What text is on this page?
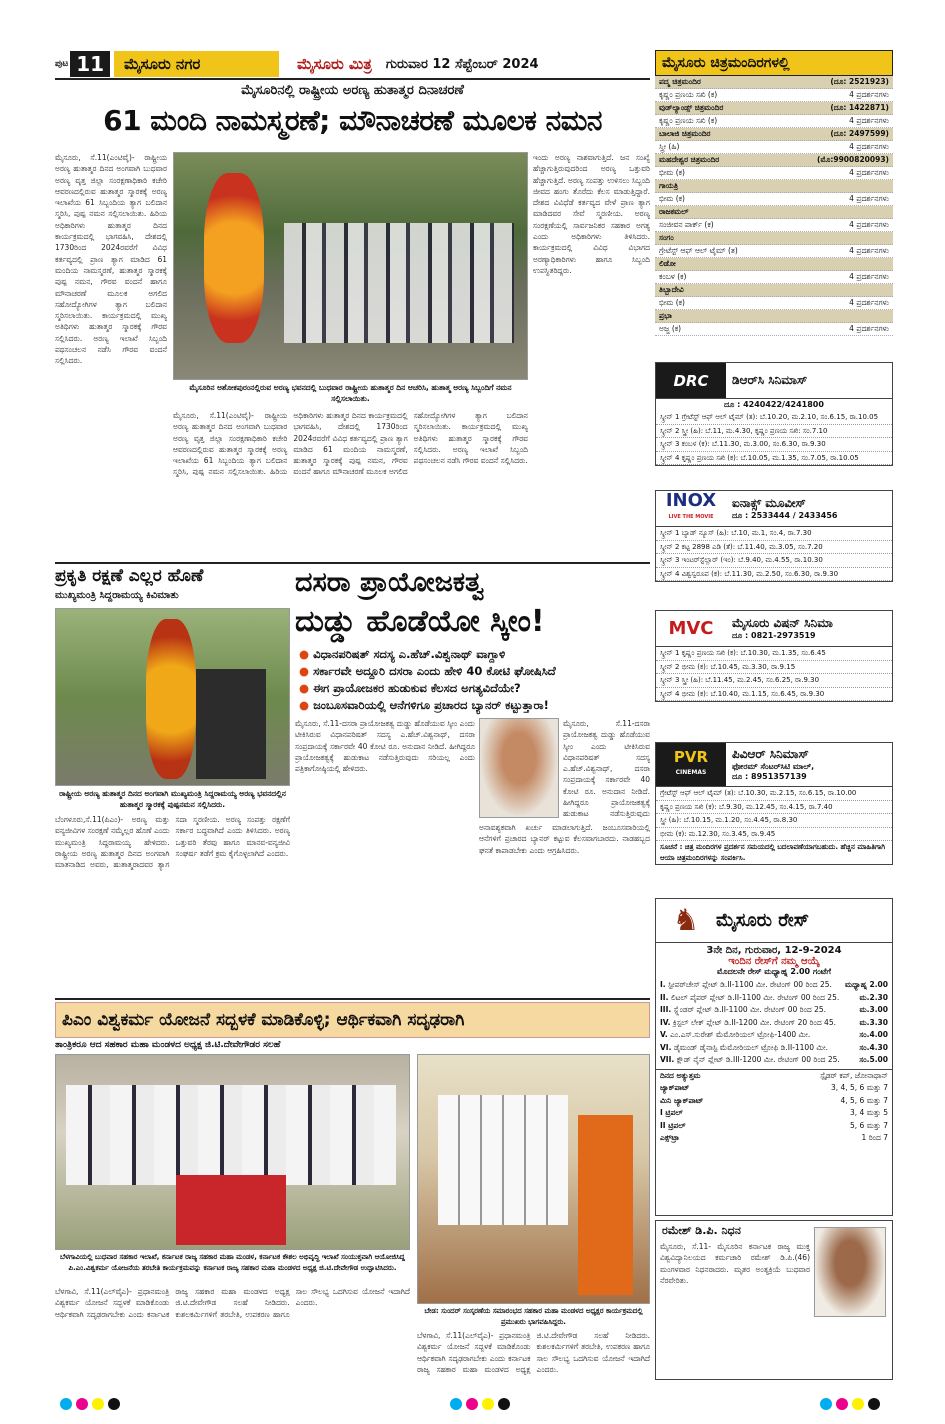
ಪುಟ 11	ಮೈಸೂರು ನಗರ	ಮೈಸೂರು ಮಿತ್ರ ಗುರುವಾರ 12 ಸೆಪ್ಟೆಂಬರ್ 2024
ಮೈಸೂರಿನಲ್ಲಿ ರಾಷ್ಟ್ರೀಯ ಅರಣ್ಯ ಹುತಾತ್ಮರ ದಿನಾಚರಣೆ
61 ಮಂದಿ ನಾಮಸ್ಮರಣೆ; ಮೌನಾಚರಣೆ ಮೂಲಕ ನಮನ
ಮೈಸೂರು, ಸೆ.11(ಎಂಟಿವೈ)- ರಾಷ್ಟ್ರೀಯ ಅರಣ್ಯ ಹುತಾತ್ಮರ ದಿನದ ಅಂಗವಾಗಿ ಬುಧವಾರ ಅರಣ್ಯ ವೃತ್ತ ಜಿಲ್ಲಾ ಸಂರಕ್ಷಣಾಧಿಕಾರಿ ಕಚೇರಿ ಆವರಣದಲ್ಲಿರುವ ಹುತಾತ್ಮರ ಸ್ಮಾರಕಕ್ಕೆ ಅರಣ್ಯ ಇಲಾಖೆಯ 61 ಸಿಬ್ಬಂದಿಯ ತ್ಯಾಗ ಬಲಿದಾನ ಸ್ಮರಿಸಿ, ಪುಷ್ಪ ನಮನ ಸಲ್ಲಿಸಲಾಯಿತು. ಹಿರಿಯ ಅಧಿಕಾರಿಗಳು ಹುತಾತ್ಮರ ದಿನದ ಕಾರ್ಯಕ್ರಮದಲ್ಲಿ ಭಾಗವಹಿಸಿ, ದೇಶದಲ್ಲಿ 1730ರಿಂದ 2024ರವರೆಗೆ ವಿವಿಧ ಕರ್ತವ್ಯದಲ್ಲಿ ಪ್ರಾಣ ತ್ಯಾಗ ಮಾಡಿದ 61 ಮಂದಿಯ ನಾಮಸ್ಮರಣೆ, ಹುತಾತ್ಮರ ಸ್ಮಾರಕಕ್ಕೆ ಪುಷ್ಪ ನಮನ, ಗೌರವ ವಂದನೆ ಹಾಗೂ ಮೌನಾಚರಣೆ ಮೂಲಕ ಅಗಲಿದ ಸಹೋದ್ಯೋಗಿಗಳ ತ್ಯಾಗ ಬಲಿದಾನ ಸ್ಮರಿಸಲಾಯಿತು. ಕಾರ್ಯಕ್ರಮದಲ್ಲಿ ಮುಖ್ಯ ಅತಿಥಿಗಳು ಹುತಾತ್ಮರ ಸ್ಮಾರಕಕ್ಕೆ ಗೌರವ ಸಲ್ಲಿಸಿದರು. ಅರಣ್ಯ ಇಲಾಖೆ ಸಿಬ್ಬಂದಿ ಪಥಸಂಚಲನ ನಡೆಸಿ ಗೌರವ ವಂದನೆ ಸಲ್ಲಿಸಿದರು.
ಮೈಸೂರಿನ ಅಶೋಕಪುರಂನಲ್ಲಿರುವ ಅರಣ್ಯ ಭವನದಲ್ಲಿ ಬುಧವಾರ ರಾಷ್ಟ್ರೀಯ ಹುತಾತ್ಮರ ದಿನ ಆಚರಿಸಿ, ಹುತಾತ್ಮ ಅರಣ್ಯ ಸಿಬ್ಬಂದಿಗೆ ನಮನ ಸಲ್ಲಿಸಲಾಯಿತು.
ಇಂದು ಅರಣ್ಯ ನಾಶವಾಗುತ್ತಿದೆ. ಜನ ಸಂಖ್ಯೆ ಹೆಚ್ಚಾಗುತ್ತಿರುವುದರಿಂದ ಅರಣ್ಯ ಒತ್ತುವರಿ ಹೆಚ್ಚಾಗುತ್ತಿದೆ. ಅರಣ್ಯ ಸಂಪತ್ತು ಉಳಿಸಲು ಸಿಬ್ಬಂದಿ ಜೀವದ ಹಂಗು ತೊರೆದು ಕೆಲಸ ಮಾಡುತ್ತಿದ್ದಾರೆ. ದೇಶದ ವಿವಿಧೆಡೆ ಕರ್ತವ್ಯದ ವೇಳೆ ಪ್ರಾಣ ತ್ಯಾಗ ಮಾಡಿದವರ ಸೇವೆ ಸ್ಮರಣೀಯ. ಅರಣ್ಯ ಸಂರಕ್ಷಣೆಯಲ್ಲಿ ಸಾರ್ವಜನಿಕರ ಸಹಕಾರ ಅಗತ್ಯ ಎಂದು ಅಧಿಕಾರಿಗಳು ತಿಳಿಸಿದರು. ಕಾರ್ಯಕ್ರಮದಲ್ಲಿ ವಿವಿಧ ವಿಭಾಗದ ಅರಣ್ಯಾಧಿಕಾರಿಗಳು ಹಾಗೂ ಸಿಬ್ಬಂದಿ ಉಪಸ್ಥಿತರಿದ್ದರು.
ಮೈಸೂರು, ಸೆ.11(ಎಂಟಿವೈ)- ರಾಷ್ಟ್ರೀಯ ಅರಣ್ಯ ಹುತಾತ್ಮರ ದಿನದ ಅಂಗವಾಗಿ ಬುಧವಾರ ಅರಣ್ಯ ವೃತ್ತ ಜಿಲ್ಲಾ ಸಂರಕ್ಷಣಾಧಿಕಾರಿ ಕಚೇರಿ ಆವರಣದಲ್ಲಿರುವ ಹುತಾತ್ಮರ ಸ್ಮಾರಕಕ್ಕೆ ಅರಣ್ಯ ಇಲಾಖೆಯ 61 ಸಿಬ್ಬಂದಿಯ ತ್ಯಾಗ ಬಲಿದಾನ ಸ್ಮರಿಸಿ, ಪುಷ್ಪ ನಮನ ಸಲ್ಲಿಸಲಾಯಿತು. ಹಿರಿಯ ಅಧಿಕಾರಿಗಳು ಹುತಾತ್ಮರ ದಿನದ ಕಾರ್ಯಕ್ರಮದಲ್ಲಿ ಭಾಗವಹಿಸಿ, ದೇಶದಲ್ಲಿ 1730ರಿಂದ 2024ರವರೆಗೆ ವಿವಿಧ ಕರ್ತವ್ಯದಲ್ಲಿ ಪ್ರಾಣ ತ್ಯಾಗ ಮಾಡಿದ 61 ಮಂದಿಯ ನಾಮಸ್ಮರಣೆ, ಹುತಾತ್ಮರ ಸ್ಮಾರಕಕ್ಕೆ ಪುಷ್ಪ ನಮನ, ಗೌರವ ವಂದನೆ ಹಾಗೂ ಮೌನಾಚರಣೆ ಮೂಲಕ ಅಗಲಿದ ಸಹೋದ್ಯೋಗಿಗಳ ತ್ಯಾಗ ಬಲಿದಾನ ಸ್ಮರಿಸಲಾಯಿತು. ಕಾರ್ಯಕ್ರಮದಲ್ಲಿ ಮುಖ್ಯ ಅತಿಥಿಗಳು ಹುತಾತ್ಮರ ಸ್ಮಾರಕಕ್ಕೆ ಗೌರವ ಸಲ್ಲಿಸಿದರು. ಅರಣ್ಯ ಇಲಾಖೆ ಸಿಬ್ಬಂದಿ ಪಥಸಂಚಲನ ನಡೆಸಿ ಗೌರವ ವಂದನೆ ಸಲ್ಲಿಸಿದರು.
ಪ್ರಕೃತಿ ರಕ್ಷಣೆ ಎಲ್ಲರ ಹೊಣೆ
ಮುಖ್ಯಮಂತ್ರಿ ಸಿದ್ದರಾಮಯ್ಯ ಕಿವಿಮಾತು
ರಾಷ್ಟ್ರೀಯ ಅರಣ್ಯ ಹುತಾತ್ಮರ ದಿನದ ಅಂಗವಾಗಿ ಮುಖ್ಯಮಂತ್ರಿ ಸಿದ್ದರಾಮಯ್ಯ ಅರಣ್ಯ ಭವನದಲ್ಲಿನ ಹುತಾತ್ಮರ ಸ್ಮಾರಕಕ್ಕೆ ಪುಷ್ಪನಮನ ಸಲ್ಲಿಸಿದರು.
ಬೆಂಗಳೂರು,ಸೆ.11(ಪಿಎಂ)- ಅರಣ್ಯ ಮತ್ತು ವನ್ಯಜೀವಿಗಳ ಸಂರಕ್ಷಣೆ ನಮ್ಮೆಲ್ಲರ ಹೊಣೆ ಎಂದು ಮುಖ್ಯಮಂತ್ರಿ ಸಿದ್ದರಾಮಯ್ಯ ಹೇಳಿದರು. ರಾಷ್ಟ್ರೀಯ ಅರಣ್ಯ ಹುತಾತ್ಮರ ದಿನದ ಅಂಗವಾಗಿ ಮಾತನಾಡಿದ ಅವರು, ಹುತಾತ್ಮರಾದವರ ತ್ಯಾಗ ಸದಾ ಸ್ಮರಣೀಯ. ಅರಣ್ಯ ಸಂಪತ್ತು ರಕ್ಷಣೆಗೆ ಸರ್ಕಾರ ಬದ್ಧವಾಗಿದೆ ಎಂದು ತಿಳಿಸಿದರು. ಅರಣ್ಯ ಒತ್ತುವರಿ ತೆರವು ಹಾಗೂ ಮಾನವ-ವನ್ಯಜೀವಿ ಸಂಘರ್ಷ ತಡೆಗೆ ಕ್ರಮ ಕೈಗೊಳ್ಳಲಾಗಿದೆ ಎಂದರು.
ದಸರಾ ಪ್ರಾಯೋಜಕತ್ವ
ದುಡ್ಡು ಹೊಡೆಯೋ ಸ್ಕೀಂ!
● ವಿಧಾನಪರಿಷತ್ ಸದಸ್ಯ ಎ.ಹೆಚ್.ವಿಶ್ವನಾಥ್ ವಾಗ್ದಾಳಿ
● ಸರ್ಕಾರವೇ ಅದ್ದೂರಿ ದಸರಾ ಎಂದು ಹೇಳಿ 40 ಕೋಟಿ ಘೋಷಿಸಿದೆ
● ಈಗ ಪ್ರಾಯೋಜಕರ ಹುಡುಕುವ ಕೆಲಸದ ಅಗತ್ಯವಿದೆಯೇ?
● ಜಂಬೂಸವಾರಿಯಲ್ಲಿ ಆನೆಗಳಿಗೂ ಪ್ರಚಾರದ ಬ್ಯಾನರ್ ಕಟ್ಟುತ್ತಾರಾ!
ಮೈಸೂರು, ಸೆ.11-ದಸರಾ ಪ್ರಾಯೋಜಕತ್ವ ದುಡ್ಡು ಹೊಡೆಯುವ ಸ್ಕೀಂ ಎಂದು ಟೀಕಿಸಿರುವ ವಿಧಾನಪರಿಷತ್ ಸದಸ್ಯ ಎ.ಹೆಚ್.ವಿಶ್ವನಾಥ್, ದಸರಾ ಸಂಪ್ರದಾಯಕ್ಕೆ ಸರ್ಕಾರವೇ 40 ಕೋಟಿ ರೂ. ಅನುದಾನ ನೀಡಿದೆ. ಹೀಗಿದ್ದರೂ ಪ್ರಾಯೋಜಕತ್ವಕ್ಕೆ ಹುಡುಕಾಟ ನಡೆಸುತ್ತಿರುವುದು ಸರಿಯಲ್ಲ ಎಂದು ಪತ್ರಿಕಾಗೋಷ್ಠಿಯಲ್ಲಿ ಹೇಳಿದರು.
ಅನಾವಶ್ಯಕವಾಗಿ ಖರ್ಚು ಮಾಡಲಾಗುತ್ತಿದೆ. ಜಂಬೂಸವಾರಿಯಲ್ಲಿ ಆನೆಗಳಿಗೆ ಪ್ರಚಾರದ ಬ್ಯಾನರ್ ಕಟ್ಟುವ ಕೆಲಸವಾಗಬಾರದು. ನಾಡಹಬ್ಬದ ಘನತೆ ಕಾಪಾಡಬೇಕು ಎಂದು ಆಗ್ರಹಿಸಿದರು.
ಮೈಸೂರು, ಸೆ.11-ದಸರಾ ಪ್ರಾಯೋಜಕತ್ವ ದುಡ್ಡು ಹೊಡೆಯುವ ಸ್ಕೀಂ ಎಂದು ಟೀಕಿಸಿರುವ ವಿಧಾನಪರಿಷತ್ ಸದಸ್ಯ ಎ.ಹೆಚ್.ವಿಶ್ವನಾಥ್, ದಸರಾ ಸಂಪ್ರದಾಯಕ್ಕೆ ಸರ್ಕಾರವೇ 40 ಕೋಟಿ ರೂ. ಅನುದಾನ ನೀಡಿದೆ. ಹೀಗಿದ್ದರೂ ಪ್ರಾಯೋಜಕತ್ವಕ್ಕೆ ಹುಡುಕಾಟ ನಡೆಸುತ್ತಿರುವುದು
ಪಿಎಂ ವಿಶ್ವಕರ್ಮ ಯೋಜನೆ ಸದ್ಬಳಕೆ ಮಾಡಿಕೊಳ್ಳಿ; ಆರ್ಥಿಕವಾಗಿ ಸದೃಢರಾಗಿ
ತಾಂತ್ರಿಕರೂ ಆದ ಸಹಕಾರ ಮಹಾ ಮಂಡಳದ ಅಧ್ಯಕ್ಷ ಜಿ.ಟಿ.ದೇವೇಗೌಡರ ಸಲಹೆ
ಬೆಳಗಾವಿಯಲ್ಲಿ ಬುಧವಾರ ಸಹಕಾರ ಇಲಾಖೆ, ಕರ್ನಾಟಕ ರಾಜ್ಯ ಸಹಕಾರ ಮಹಾ ಮಂಡಳ, ಕರ್ನಾಟಕ ಕೌಶಲ ಅಭಿವೃದ್ಧಿ ಇಲಾಖೆ ಸಂಯುಕ್ತವಾಗಿ ಆಯೋಜಿಸಿದ್ದ ಪಿ.ಎಂ.ವಿಶ್ವಕರ್ಮ ಯೋಜನೆಯ ತರಬೇತಿ ಕಾರ್ಯಕ್ರಮವನ್ನು ಕರ್ನಾಟಕ ರಾಜ್ಯ ಸಹಕಾರ ಮಹಾ ಮಂಡಳದ ಅಧ್ಯಕ್ಷ ಜಿ.ಟಿ.ದೇವೇಗೌಡ ಉದ್ಘಾಟಿಸಿದರು.
ಬೆಳಗಾವಿ, ಸೆ.11(ಎಲ್‌ವೈಎ)- ಪ್ರಧಾನಮಂತ್ರಿ ವಿಶ್ವಕರ್ಮ ಯೋಜನೆ ಸದ್ಬಳಕೆ ಮಾಡಿಕೊಂಡು ಆರ್ಥಿಕವಾಗಿ ಸದೃಢರಾಗಬೇಕು ಎಂದು ಕರ್ನಾಟಕ ರಾಜ್ಯ ಸಹಕಾರ ಮಹಾ ಮಂಡಳದ ಅಧ್ಯಕ್ಷ ಜಿ.ಟಿ.ದೇವೇಗೌಡ ಸಲಹೆ ನೀಡಿದರು. ಕುಶಲಕರ್ಮಿಗಳಿಗೆ ತರಬೇತಿ, ಉಪಕರಣ ಹಾಗೂ ಸಾಲ ಸೌಲಭ್ಯ ಒದಗಿಸುವ ಯೋಜನೆ ಇದಾಗಿದೆ ಎಂದರು.
ಬೇಡ: ಸುಂದರ್ ಸಂಸ್ಕರಣೆಯ ಸಮಾರಂಭದ ಸಹಕಾರ ಮಹಾ ಮಂಡಳದ ಅಧ್ಯಕ್ಷರ ಕಾರ್ಯಕ್ರಮದಲ್ಲಿ ಪ್ರಮುಖರು ಭಾಗವಹಿಸಿದ್ದರು.
ಬೆಳಗಾವಿ, ಸೆ.11(ಎಲ್‌ವೈಎ)- ಪ್ರಧಾನಮಂತ್ರಿ ವಿಶ್ವಕರ್ಮ ಯೋಜನೆ ಸದ್ಬಳಕೆ ಮಾಡಿಕೊಂಡು ಆರ್ಥಿಕವಾಗಿ ಸದೃಢರಾಗಬೇಕು ಎಂದು ಕರ್ನಾಟಕ ರಾಜ್ಯ ಸಹಕಾರ ಮಹಾ ಮಂಡಳದ ಅಧ್ಯಕ್ಷ ಜಿ.ಟಿ.ದೇವೇಗೌಡ ಸಲಹೆ ನೀಡಿದರು. ಕುಶಲಕರ್ಮಿಗಳಿಗೆ ತರಬೇತಿ, ಉಪಕರಣ ಹಾಗೂ ಸಾಲ ಸೌಲಭ್ಯ ಒದಗಿಸುವ ಯೋಜನೆ ಇದಾಗಿದೆ ಎಂದರು.
ಮೈಸೂರು ಚಿತ್ರಮಂದಿರಗಳಲ್ಲಿ
ಪದ್ಮ ಚಿತ್ರಮಂದಿರ	(ದೂ: 2521923)
ಕೃಷ್ಣಂ ಪ್ರಣಯ ಸಖಿ (ಕ)	4 ಪ್ರದರ್ಶನಗಳು
ವುಡ್‌ಲ್ಯಾಂಡ್ಸ್ ಚಿತ್ರಮಂದಿರ	(ದೂ: 1422871)
ಕೃಷ್ಣಂ ಪ್ರಣಯ ಸಖಿ (ಕ)	4 ಪ್ರದರ್ಶನಗಳು
ಬಾಲಾಜಿ ಚಿತ್ರಮಂದಿರ	(ದೂ: 2497599)
ಸ್ತ್ರೀ (ಹಿ)	4 ಪ್ರದರ್ಶನಗಳು
ಮಹದೇಶ್ವರ ಚಿತ್ರಮಂದಿರ	(ಮೊ:9900820093)
ಭೀಮ (ಕ)	4 ಪ್ರದರ್ಶನಗಳು
ಗಾಯತ್ರಿ
ಭೀಮ (ಕ)	4 ಪ್ರದರ್ಶನಗಳು
ರಾಜಕಮಲ್
ಸಂಜೀವನ ಪಾರ್ಕ್ (ಕ)	4 ಪ್ರದರ್ಶನಗಳು
ಸಂಗಂ
ಗ್ರೇಟೆಸ್ಟ್ ಆಫ್ ಆಲ್ ಟೈಮ್ (ತ)	4 ಪ್ರದರ್ಶನಗಳು
ಲಿಡೋ
ಕಂಬಳ (ಕ)	4 ಪ್ರದರ್ಶನಗಳು
ತಿಬ್ಬಾದೇವಿ
ಭೀಮ (ಕ)	4 ಪ್ರದರ್ಶನಗಳು
ಪ್ರಭಾ
ಅಜ್ಜ (ಕ)	4 ಪ್ರದರ್ಶನಗಳು
DRC	ಡಿಆರ್‌ಸಿ ಸಿನಿಮಾಸ್
ದೂ : 4240422/4241800
ಸ್ಕ್ರೀನ್ 1 ಗ್ರೇಟೆಸ್ಟ್ ಆಫ್ ಆಲ್ ಟೈಮ್ (ತ): ಬೆ.10.20, ಮ.2.10, ಸಂ.6.15, ರಾ.10.05
ಸ್ಕ್ರೀನ್ 2 ಸ್ತ್ರೀ (ಹಿ): ಬೆ.11, ಮ.4.30, ಕೃಷ್ಣಂ ಪ್ರಣಯ ಸಖಿ: ಸಂ.7.10
ಸ್ಕ್ರೀನ್ 3 ಕಂಬಳ (ಕ): ಬೆ.11.30, ಮ.3.00, ಸಂ.6.30, ರಾ.9.30
ಸ್ಕ್ರೀನ್ 4 ಕೃಷ್ಣಂ ಪ್ರಣಯ ಸಖಿ (ಕ): ಬೆ.10.05, ಮ.1.35, ಸಂ.7.05, ರಾ.10.05
INOX
LIVE THE MOVIE
ಐನಾಕ್ಸ್ ಮೂವೀಸ್
ದೂ : 2533444 / 2433456
ಸ್ಕ್ರೀನ್ 1 ಬ್ಯಾಡ್ ನ್ಯೂಸ್ (ಹಿ): ಬೆ.10, ಮ.1, ಸಂ.4, ರಾ.7.30
ಸ್ಕ್ರೀನ್ 2 ಕಟ್ಟ 2898 ಎಡಿ (ತೆ): ಬೆ.11.40, ಮ.3.05, ಸಂ.7.20
ಸ್ಕ್ರೀನ್ 3 ಇಂಟರ್‌ಸ್ಟೆಲ್ಲಾರ್ (ಇಂ): ಬೆ.9.40, ಮ.4.55, ರಾ.10.30
ಸ್ಕ್ರೀನ್ 4 ವಿಶ್ವಸ್ವರೂಪ (ಕ): ಬೆ.11.30, ಮ.2.50, ಸಂ.6.30, ರಾ.9.30
MVC	ಮೈಸೂರು ವಿಷನ್ ಸಿನಿಮಾ
ದೂ : 0821-2973519
ಸ್ಕ್ರೀನ್ 1 ಕೃಷ್ಣಂ ಪ್ರಣಯ ಸಖಿ (ಕ): ಬೆ.10.30, ಮ.1.35, ಸಂ.6.45
ಸ್ಕ್ರೀನ್ 2 ಭೀಮ (ಕ): ಬೆ.10.45, ಮ.3.30, ರಾ.9.15
ಸ್ಕ್ರೀನ್ 3 ಸ್ತ್ರೀ (ಹಿ): ಬೆ.11.45, ಮ.2.45, ಸಂ.6.25, ರಾ.9.30
ಸ್ಕ್ರೀನ್ 4 ಭೀಮ (ಕ): ಬೆ.10.40, ಮ.1.15, ಸಂ.6.45, ರಾ.9.30
PVR
CINEMAS
ಪಿವಿಆರ್ ಸಿನಿಮಾಸ್
ಫೋರಮ್ ಸೆಂಟರ್‌ಸಿಟಿ ಮಾಲ್,
ದೂ : 8951357139
ಗ್ರೇಟೆಸ್ಟ್ ಆಫ್ ಆಲ್ ಟೈಮ್ (ತ): ಬೆ.10.30, ಮ.2.15, ಸಂ.6.15, ರಾ.10.00
ಕೃಷ್ಣಂ ಪ್ರಣಯ ಸಖಿ (ಕ): ಬೆ.9.30, ಮ.12.45, ಸಂ.4.15, ರಾ.7.40
ಸ್ತ್ರೀ (ಹಿ): ಬೆ.10.15, ಮ.1.20, ಸಂ.4.45, ರಾ.8.30
ಭೀಮ (ಕ): ಮ.12.30, ಸಂ.3.45, ರಾ.9.45
ಸೂಚನೆ : ಚಿತ್ರ ಮಂದಿರಗಳ ಪ್ರದರ್ಶನ ಸಮಯದಲ್ಲಿ ಬದಲಾವಣೆಯಾಗಬಹುದು. ಹೆಚ್ಚಿನ ಮಾಹಿತಿಗಾಗಿ ಆಯಾ ಚಿತ್ರಮಂದಿರಗಳನ್ನು ಸಂಪರ್ಕಿಸಿ.
♞ ಮೈಸೂರು ರೇಸ್
3ನೇ ದಿನ, ಗುರುವಾರ, 12-9-2024
ಇಂದಿನ ರೇಸ್‌ಗೆ ನಮ್ಮ ಆಯ್ಕೆ
ಮೊದಲನೇ ರೇಸ್ ಮಧ್ಯಾಹ್ನ 2.00 ಗಂಟೆಗೆ
I. ಸ್ಟೀಪರ್‌ಚೇಸ್ ಪ್ಲೇಟ್ ಡಿ.II-1100 ಮೀ. ರೇಟಿಂಗ್ 00 ರಿಂದ 25.	ಮಧ್ಯಾಹ್ನ 2.00
II. ಲಿಟಲ್ ಪೈಪರ್ ಪ್ಲೇಟ್ ಡಿ.II-1100 ಮೀ. ರೇಟಿಂಗ್ 00 ರಿಂದ 25.	ಮ.2.30
III. ಸ್ಪ್ಲೆಂಡರ್ ಪ್ಲೇಟ್ ಡಿ.II-1100 ಮೀ. ರೇಟಿಂಗ್ 00 ರಿಂದ 25.	ಮ.3.00
IV. ಕ್ರಿಸ್ಟಲ್ ಲೇಕ್ ಪ್ಲೇಟ್ ಡಿ.II-1200 ಮೀ. ರೇಟಿಂಗ್ 20 ರಿಂದ 45.	ಮ.3.30
V. ಎಂ.ಎಸ್.ಸುರೇಶ್ ಮೆಮೋರಿಯಲ್ ಟ್ರೋಫಿ-1400 ಮೀ.	ಸಂ.4.00
VI. ಡೈಮಂಡ್ ಡೈನಾಸ್ಟಿ ಮೆಮೋರಿಯಲ್ ಟ್ರೋಫಿ ಡಿ.II-1100 ಮೀ.	ಸಂ.4.30
VII. ಕ್ಲೌಡ್ ನೈನ್ ಪ್ಲೇಟ್ ಡಿ.III-1200 ಮೀ. ರೇಟಿಂಗ್ 00 ರಿಂದ 25.	ಸಂ.5.00
ದಿನದ ಅತ್ಯುತ್ತಮ	ಸ್ಪೈಡರ್ ಕಪ್, ಜೋನಾಥಾನ್
ಜ್ಯಾಕ್‌ಪಾಟ್	3, 4, 5, 6 ಮತ್ತು 7
ಮಿನಿ ಜ್ಯಾಕ್‌ಪಾಟ್	4, 5, 6 ಮತ್ತು 7
I ಟ್ರಿಪಲ್	3, 4 ಮತ್ತು 5
II ಟ್ರಿಪಲ್	5, 6 ಮತ್ತು 7
ಎಕ್ಸ್‌ಟ್ರಾ	1 ರಿಂದ 7
ರಮೇಶ್ ಡಿ.ಪಿ. ನಿಧನ
ಮೈಸೂರು, ಸೆ.11- ಮೈಸೂರಿನ ಕರ್ನಾಟಕ ರಾಜ್ಯ ಮುಕ್ತ ವಿಶ್ವವಿದ್ಯಾನಿಲಯದ ಕರ್ಮಚಾರಿ ರಮೇಶ್ ಡಿ.ಪಿ.(46) ಮಂಗಳವಾರ ನಿಧನರಾದರು. ಮೃತರ ಅಂತ್ಯಕ್ರಿಯೆ ಬುಧವಾರ ನೆರವೇರಿತು.
